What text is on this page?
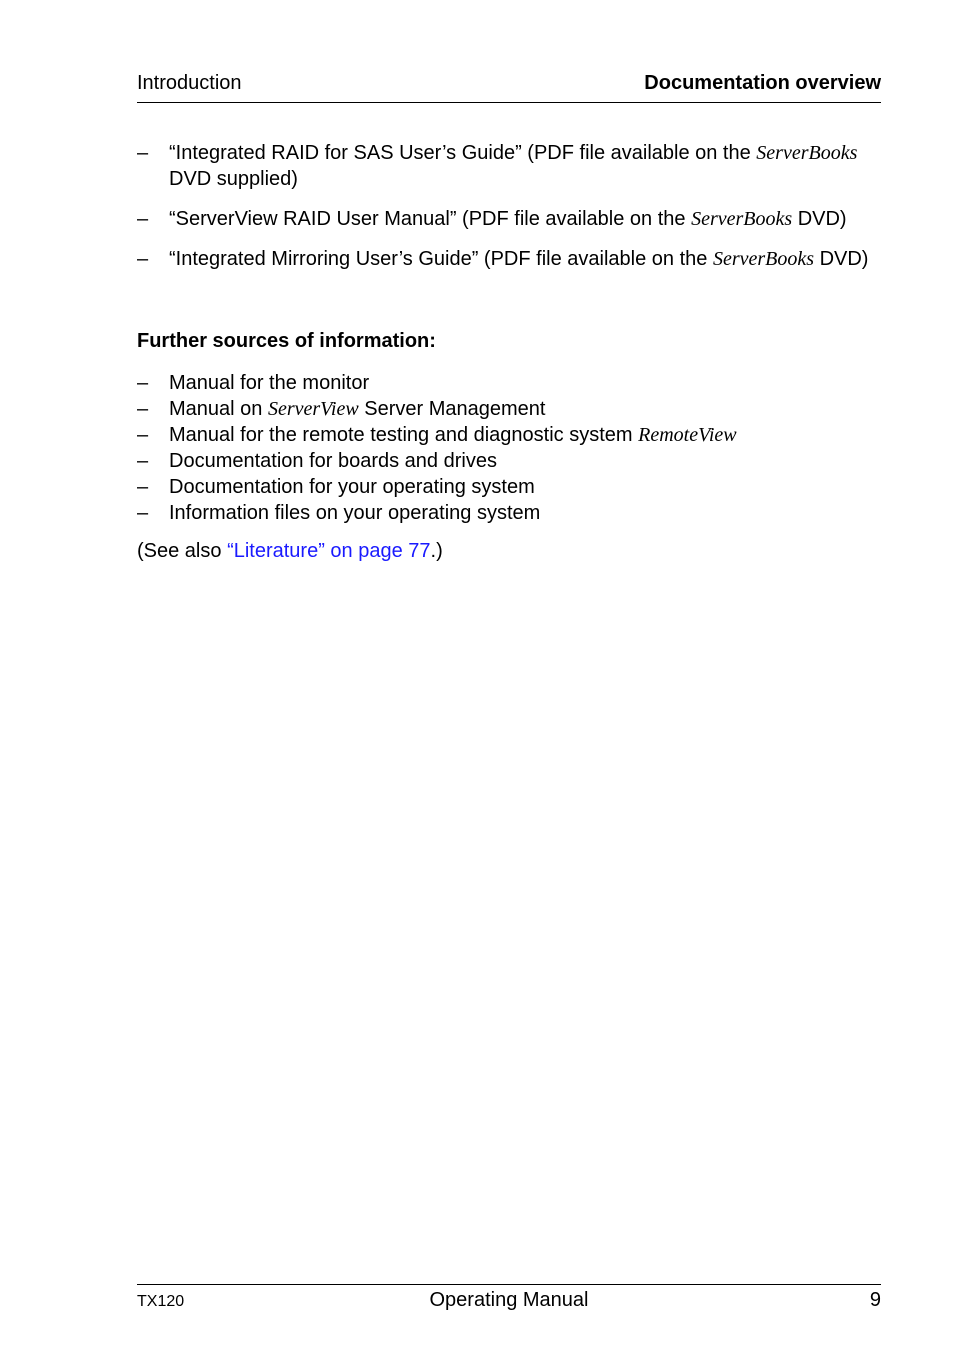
Introduction	Documentation overview
– “Integrated RAID for SAS User’s Guide” (PDF file available on the ServerBooks DVD supplied)
– “ServerView RAID User Manual” (PDF file available on the ServerBooks DVD)
– “Integrated Mirroring User’s Guide” (PDF file available on the ServerBooks DVD)
Further sources of information:
– Manual for the monitor
– Manual on ServerView Server Management
– Manual for the remote testing and diagnostic system RemoteView
– Documentation for boards and drives
– Documentation for your operating system
– Information files on your operating system
(See also “Literature” on page 77.)
TX120	Operating Manual	9
